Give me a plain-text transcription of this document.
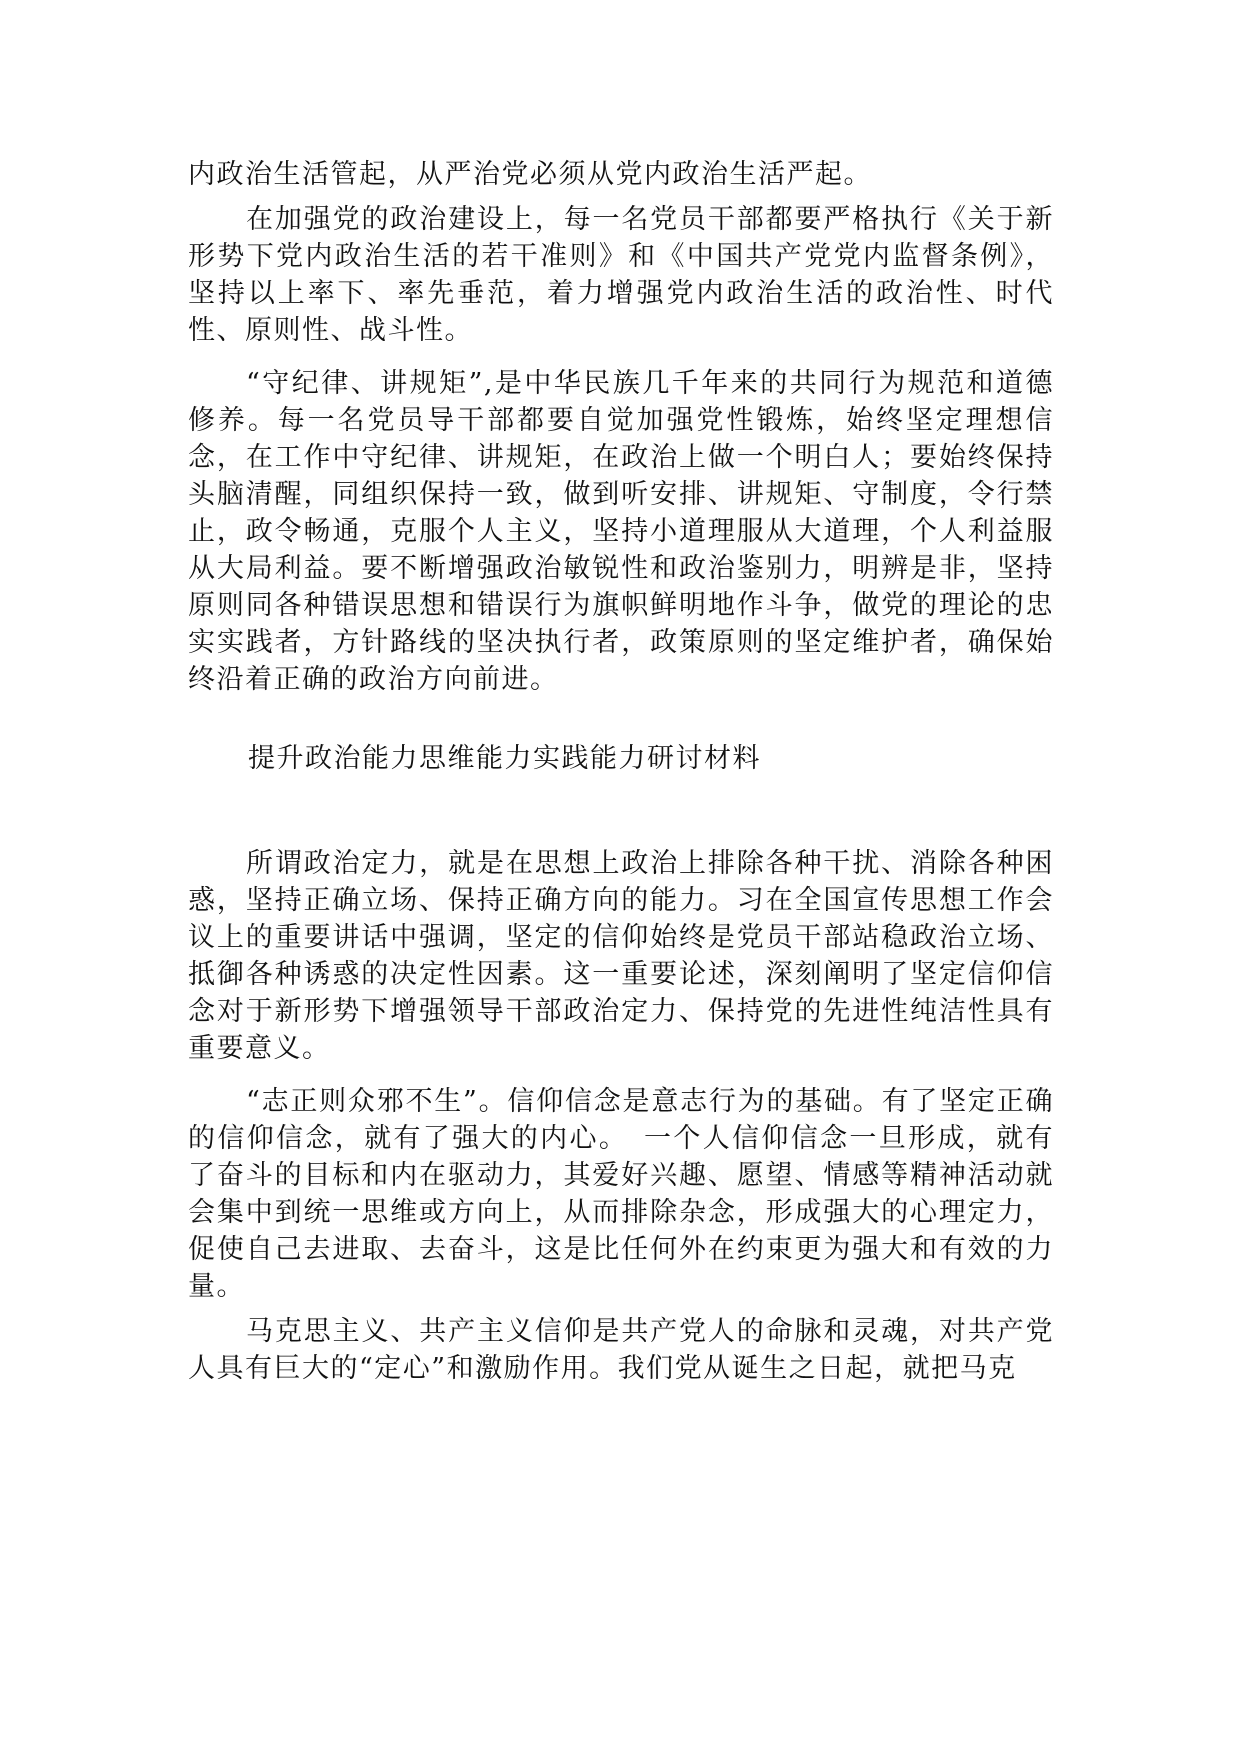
内政治生活管起，从严治党必须从党内政治生活严起。

在加强党的政治建设上，每一名党员干部都要严格执行《关于新形势下党内政治生活的若干准则》和《中国共产党党内监督条例》，坚持以上率下、率先垂范，着力增强党内政治生活的政治性、时代性、原则性、战斗性。

“守纪律、讲规矩”,是中华民族几千年来的共同行为规范和道德修养。每一名党员导干部都要自觉加强党性锻炼，始终坚定理想信念，在工作中守纪律、讲规矩，在政治上做一个明白人；要始终保持头脑清醒，同组织保持一致，做到听安排、讲规矩、守制度，令行禁止，政令畅通，克服个人主义，坚持小道理服从大道理，个人利益服从大局利益。要不断增强政治敏锐性和政治鉴别力，明辨是非，坚持原则同各种错误思想和错误行为旗帜鲜明地作斗争，做党的理论的忠实实践者，方针路线的坚决执行者，政策原则的坚定维护者，确保始终沿着正确的政治方向前进。

提升政治能力思维能力实践能力研讨材料

所谓政治定力，就是在思想上政治上排除各种干扰、消除各种困惑，坚持正确立场、保持正确方向的能力。习在全国宣传思想工作会议上的重要讲话中强调，坚定的信仰始终是党员干部站稳政治立场、抵御各种诱惑的决定性因素。这一重要论述，深刻阐明了坚定信仰信念对于新形势下增强领导干部政治定力、保持党的先进性纯洁性具有重要意义。

“志正则众邪不生”。信仰信念是意志行为的基础。有了坚定正确的信仰信念，就有了强大的内心。　一个人信仰信念一旦形成，就有了奋斗的目标和内在驱动力，其爱好兴趣、愿望、情感等精神活动就会集中到统一思维或方向上，从而排除杂念，形成强大的心理定力，促使自己去进取、去奋斗，这是比任何外在约束更为强大和有效的力量。

马克思主义、共产主义信仰是共产党人的命脉和灵魂，对共产党人具有巨大的“定心”和激励作用。我们党从诞生之日起，就把马克
